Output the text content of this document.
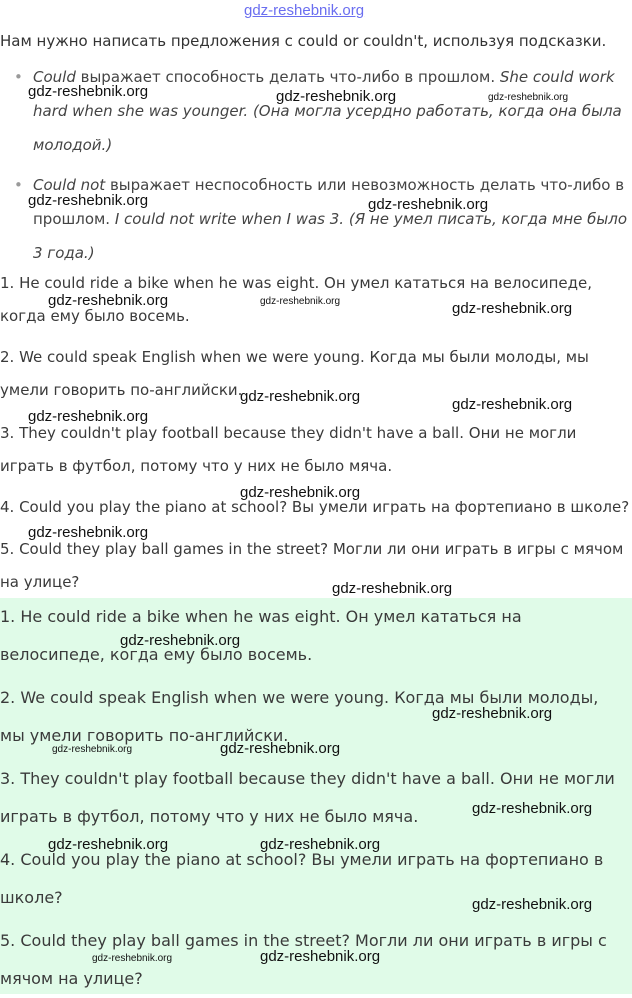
gdz-reshebnik.org

Нам нужно написать предложения с could or couldn't, используя подсказки.

• Could выражает способность делать что-либо в прошлом. She could work hard when she was younger. (Она могла усердно работать, когда она была молодой.)
• Could not выражает неспособность или невозможность делать что-либо в прошлом. I could not write when I was 3. (Я не умел писать, когда мне было 3 года.)

1. He could ride a bike when he was eight. Он умел кататься на велосипеде, когда ему было восемь.

2. We could speak English when we were young. Когда мы были молоды, мы умели говорить по-английски.

3. They couldn't play football because they didn't have a ball. Они не могли играть в футбол, потому что у них не было мяча.

4. Could you play the piano at school? Вы умели играть на фортепиано в школе?

5. Could they play ball games in the street? Могли ли они играть в игры с мячом на улице?

1. He could ride a bike when he was eight. Он умел кататься на велосипеде, когда ему было восемь.

2. We could speak English when we were young. Когда мы были молоды, мы умели говорить по-английски.

3. They couldn't play football because they didn't have a ball. Они не могли играть в футбол, потому что у них не было мяча.

4. Could you play the piano at school? Вы умели играть на фортепиано в школе?

5. Could they play ball games in the street? Могли ли они играть в игры с мячом на улице?

gdz-reshebnik.org	gdz-reshebnik.org	gdz-reshebnik.org
gdz-reshebnik.org	gdz-reshebnik.org
gdz-reshebnik.org	gdz-reshebnik.org	gdz-reshebnik.org
gdz-reshebnik.org	gdz-reshebnik.org
gdz-reshebnik.org
gdz-reshebnik.org
gdz-reshebnik.org
gdz-reshebnik.org
gdz-reshebnik.org
gdz-reshebnik.org
gdz-reshebnik.org	gdz-reshebnik.org
gdz-reshebnik.org
gdz-reshebnik.org	gdz-reshebnik.org
gdz-reshebnik.org
gdz-reshebnik.org	gdz-reshebnik.org
